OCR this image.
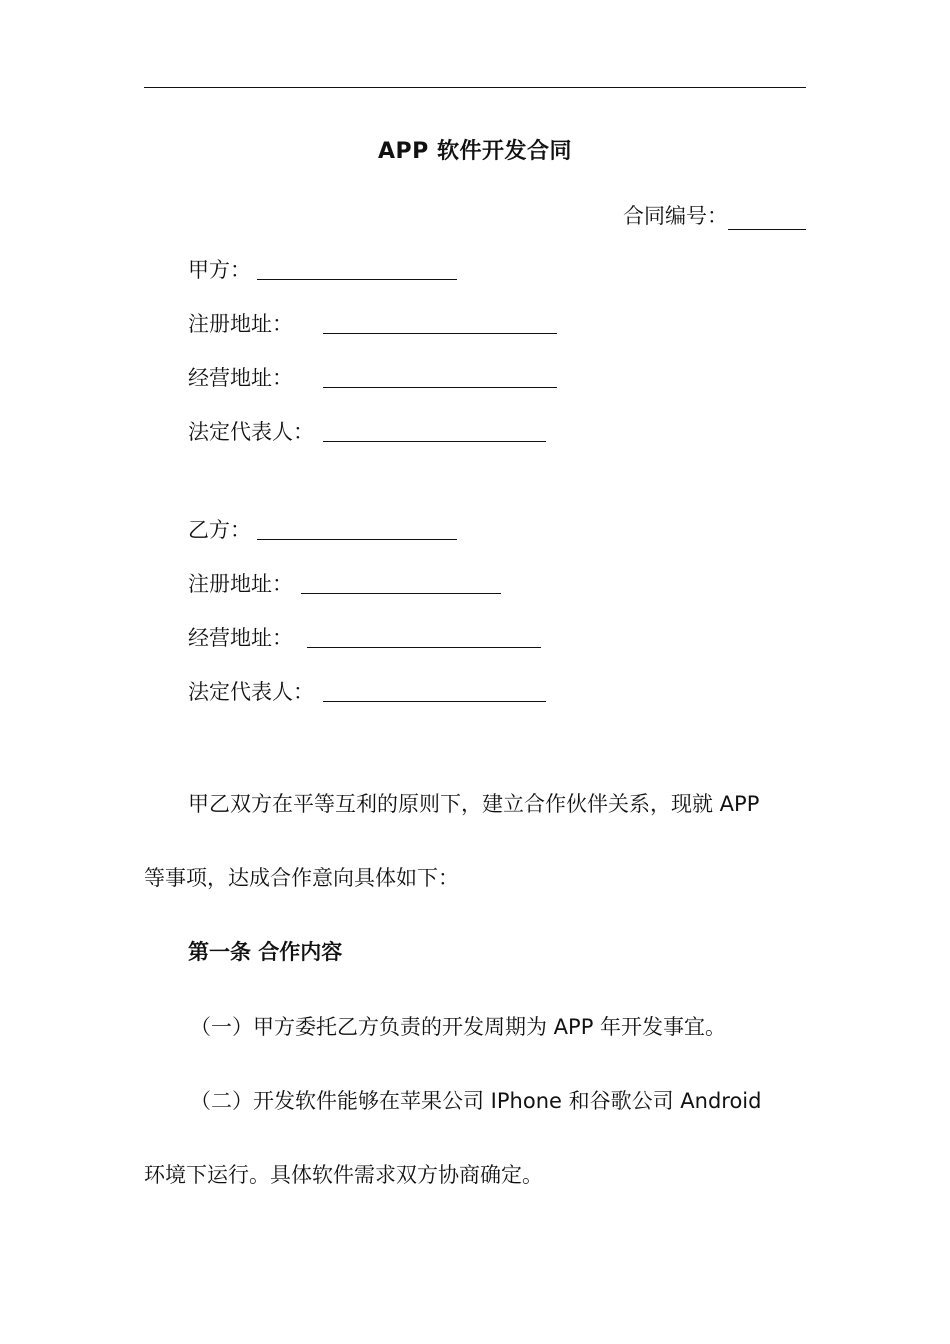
APP 软件开发合同
合同编号：
甲方：
注册地址：
经营地址：
法定代表人：
乙方：
注册地址：
经营地址：
法定代表人：
甲乙双方在平等互利的原则下，建立合作伙伴关系，现就 APP
等事项，达成合作意向具体如下：
第一条 合作内容
（一）甲方委托乙方负责的开发周期为 APP 年开发事宜。
（二）开发软件能够在苹果公司 IPhone 和谷歌公司 Android
环境下运行。具体软件需求双方协商确定。
